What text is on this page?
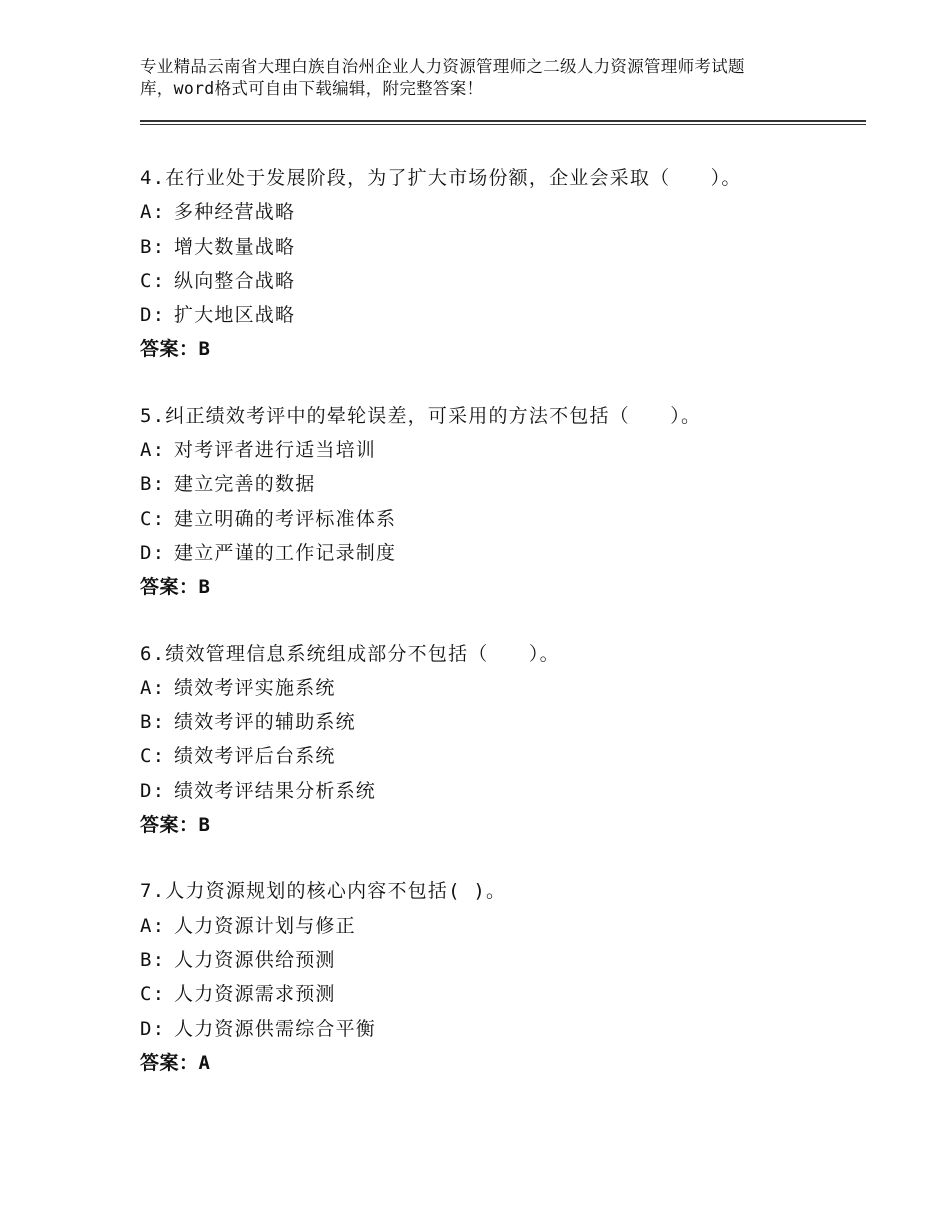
专业精品云南省大理白族自治州企业人力资源管理师之二级人力资源管理师考试题
库，word格式可自由下载编辑，附完整答案！
4.在行业处于发展阶段，为了扩大市场份额，企业会采取（　　）。
A: 多种经营战略
B: 增大数量战略
C: 纵向整合战略
D: 扩大地区战略
答案：B
5.纠正绩效考评中的晕轮误差，可采用的方法不包括（　　）。
A: 对考评者进行适当培训
B: 建立完善的数据
C: 建立明确的考评标准体系
D: 建立严谨的工作记录制度
答案：B
6.绩效管理信息系统组成部分不包括（　　）。
A: 绩效考评实施系统
B: 绩效考评的辅助系统
C: 绩效考评后台系统
D: 绩效考评结果分析系统
答案：B
7.人力资源规划的核心内容不包括( )。
A: 人力资源计划与修正
B: 人力资源供给预测
C: 人力资源需求预测
D: 人力资源供需综合平衡
答案：A
